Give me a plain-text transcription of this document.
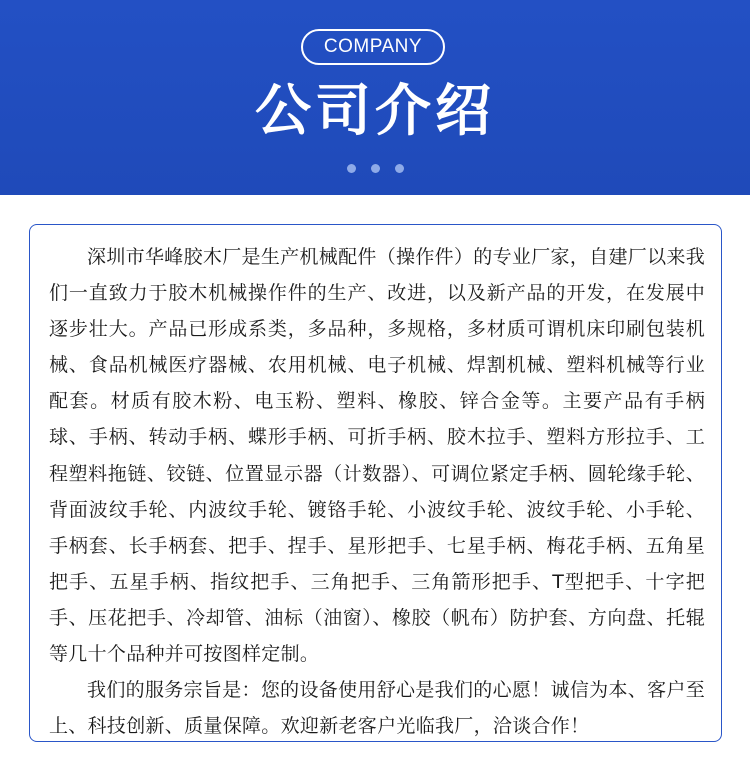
COMPANY
公司介绍

深圳市华峰胶木厂是生产机械配件（操作件）的专业厂家，自建厂以来我们一直致力于胶木机械操作件的生产、改进，以及新产品的开发，在发展中逐步壮大。产品已形成系类，多品种，多规格，多材质可谓机床印刷包装机械、食品机械医疗器械、农用机械、电子机械、焊割机械、塑料机械等行业配套。材质有胶木粉、电玉粉、塑料、橡胶、锌合金等。主要产品有手柄球、手柄、转动手柄、蝶形手柄、可折手柄、胶木拉手、塑料方形拉手、工程塑料拖链、铰链、位置显示器（计数器）、可调位紧定手柄、圆轮缘手轮、背面波纹手轮、内波纹手轮、镀铬手轮、小波纹手轮、波纹手轮、小手轮、手柄套、长手柄套、把手、捏手、星形把手、七星手柄、梅花手柄、五角星把手、五星手柄、指纹把手、三角把手、三角箭形把手、T型把手、十字把手、压花把手、冷却管、油标（油窗）、橡胶（帆布）防护套、方向盘、托辊等几十个品种并可按图样定制。

我们的服务宗旨是：您的设备使用舒心是我们的心愿！诚信为本、客户至上、科技创新、质量保障。欢迎新老客户光临我厂，洽谈合作！
